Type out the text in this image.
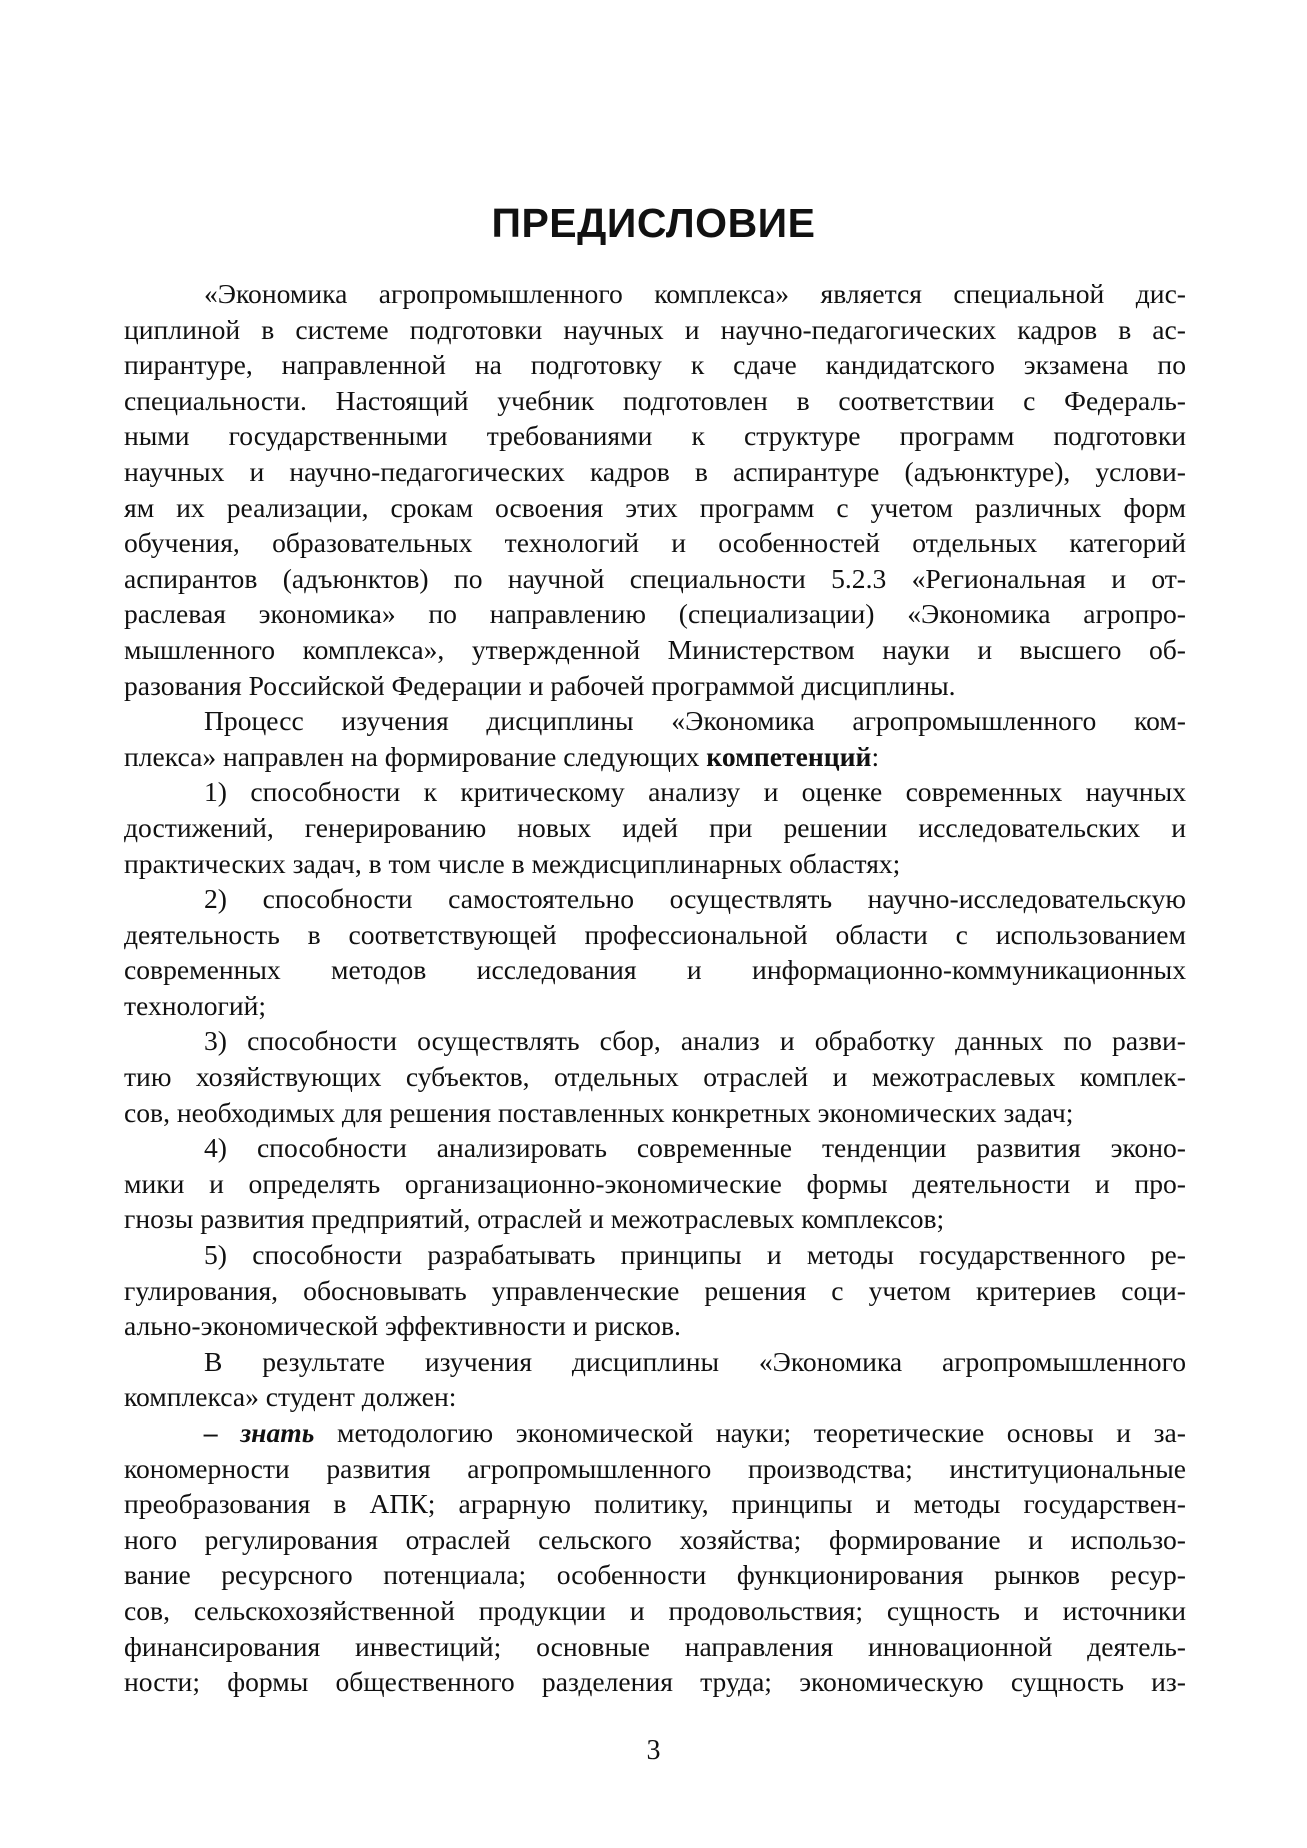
ПРЕДИСЛОВИЕ
«Экономика агропромышленного комплекса» является специальной дис-
циплиной в системе подготовки научных и научно-педагогических кадров в ас-
пирантуре, направленной на подготовку к сдаче кандидатского экзамена по
специальности. Настоящий учебник подготовлен в соответствии с Федераль-
ными государственными требованиями к структуре программ подготовки
научных и научно-педагогических кадров в аспирантуре (адъюнктуре), услови-
ям их реализации, срокам освоения этих программ с учетом различных форм
обучения, образовательных технологий и особенностей отдельных категорий
аспирантов (адъюнктов) по научной специальности 5.2.3 «Региональная и от-
раслевая экономика» по направлению (специализации) «Экономика агропро-
мышленного комплекса», утвержденной Министерством науки и высшего об-
разования Российской Федерации и рабочей программой дисциплины.
Процесс изучения дисциплины «Экономика агропромышленного ком-
плекса» направлен на формирование следующих компетенций:
1) способности к критическому анализу и оценке современных научных
достижений, генерированию новых идей при решении исследовательских и
практических задач, в том числе в междисциплинарных областях;
2) способности самостоятельно осуществлять научно-исследовательскую
деятельность в соответствующей профессиональной области с использованием
современных методов исследования и информационно-коммуникационных
технологий;
3) способности осуществлять сбор, анализ и обработку данных по разви-
тию хозяйствующих субъектов, отдельных отраслей и межотраслевых комплек-
сов, необходимых для решения поставленных конкретных экономических задач;
4) способности анализировать современные тенденции развития эконо-
мики и определять организационно-экономические формы деятельности и про-
гнозы развития предприятий, отраслей и межотраслевых комплексов;
5) способности разрабатывать принципы и методы государственного ре-
гулирования, обосновывать управленческие решения с учетом критериев соци-
ально-экономической эффективности и рисков.
В результате изучения дисциплины «Экономика агропромышленного
комплекса» студент должен:
– знать методологию экономической науки; теоретические основы и за-
кономерности развития агропромышленного производства; институциональные
преобразования в АПК; аграрную политику, принципы и методы государствен-
ного регулирования отраслей сельского хозяйства; формирование и использо-
вание ресурсного потенциала; особенности функционирования рынков ресур-
сов, сельскохозяйственной продукции и продовольствия; сущность и источники
финансирования инвестиций; основные направления инновационной деятель-
ности; формы общественного разделения труда; экономическую сущность из-
3
